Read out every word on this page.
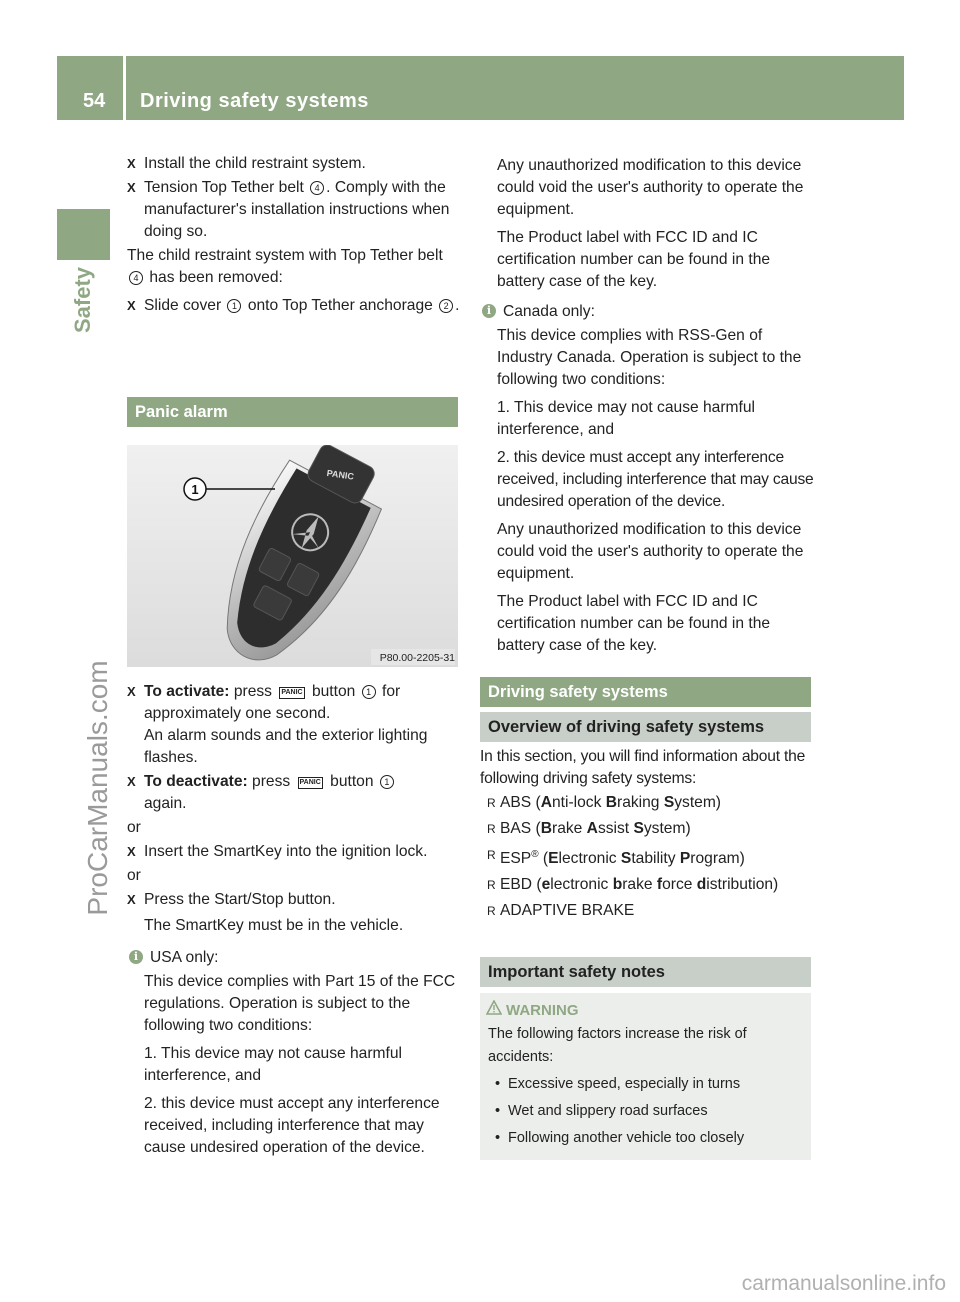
54 Driving safety systems
Safety
ProCarManuals.com
carmanualsonline.info
X Install the child restraint system.
X Tension Top Tether belt 4 . Comply with the manufacturer's installation instructions when doing so.

The child restraint system with Top Tether belt 4 has been removed:

X Slide cover 1 onto Top Tether anchorage 2 .
Panic alarm
PANIC
1
P80.00-2205-31
X To activate: press PANIC button 1 for approximately one second.
An alarm sounds and the exterior lighting flashes.
X To deactivate: press PANIC button 1
again.

or

X Insert the SmartKey into the ignition lock.

or

X Press the Start/Stop button.

The SmartKey must be in the vehicle.

i USA only:

This device complies with Part 15 of the FCC regulations. Operation is subject to the following two conditions:

1. This device may not cause harmful interference, and

2. this device must accept any interference received, including interference that may cause undesired operation of the device.

Any unauthorized modification to this device could void the user's authority to operate the equipment.

The Product label with FCC ID and IC certification number can be found in the battery case of the key.

i Canada only:

This device complies with RSS-Gen of Industry Canada. Operation is subject to the following two conditions:

1. This device may not cause harmful interference, and

2. this device must accept any interference received, including interference that may cause undesired operation of the device.

Any unauthorized modification to this device could void the user's authority to operate the equipment.

The Product label with FCC ID and IC certification number can be found in the battery case of the key.

Driving safety systems
Overview of driving safety systems

In this section, you will find information about the following driving safety systems:

R ABS (Anti-lock Braking System)
R BAS (Brake Assist System)
R ESP® (Electronic Stability Program)
R EBD (electronic brake force distribution)
R ADAPTIVE BRAKE
Important safety notes
WARNING

The following factors increase the risk of accidents:

• Excessive speed, especially in turns
• Wet and slippery road surfaces
• Following another vehicle too closely
